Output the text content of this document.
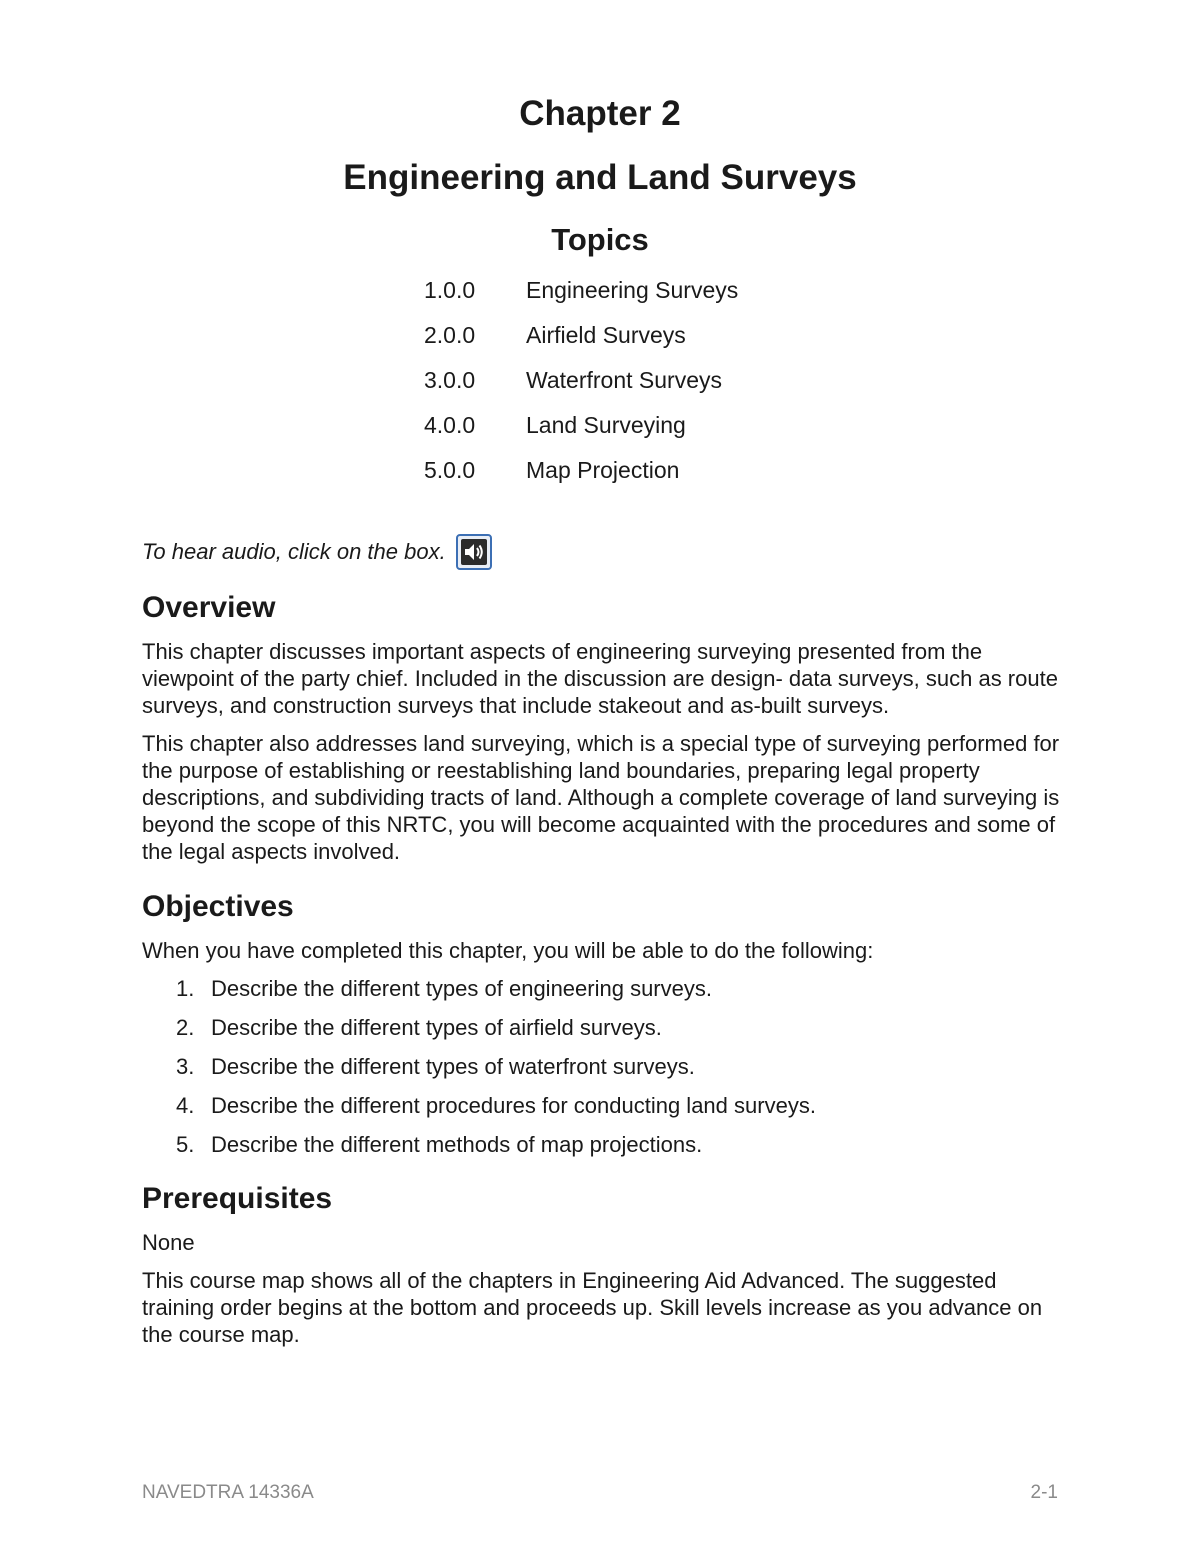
Chapter 2
Engineering and Land Surveys
Topics
1.0.0	Engineering Surveys
2.0.0	Airfield Surveys
3.0.0	Waterfront Surveys
4.0.0	Land Surveying
5.0.0	Map Projection
To hear audio, click on the box.
Overview

This chapter discusses important aspects of engineering surveying presented from the viewpoint of the party chief. Included in the discussion are design- data surveys, such as route surveys, and construction surveys that include stakeout and as-built surveys.

This chapter also addresses land surveying, which is a special type of surveying performed for the purpose of establishing or reestablishing land boundaries, preparing legal property descriptions, and subdividing tracts of land. Although a complete coverage of land surveying is beyond the scope of this NRTC, you will become acquainted with the procedures and some of the legal aspects involved.

Objectives

When you have completed this chapter, you will be able to do the following:

1. Describe the different types of engineering surveys.
2. Describe the different types of airfield surveys.
3. Describe the different types of waterfront surveys.
4. Describe the different procedures for conducting land surveys.
5. Describe the different methods of map projections.
Prerequisites

None

This course map shows all of the chapters in Engineering Aid Advanced. The suggested training order begins at the bottom and proceeds up. Skill levels increase as you advance on the course map.

NAVEDTRA 14336A	2-1
